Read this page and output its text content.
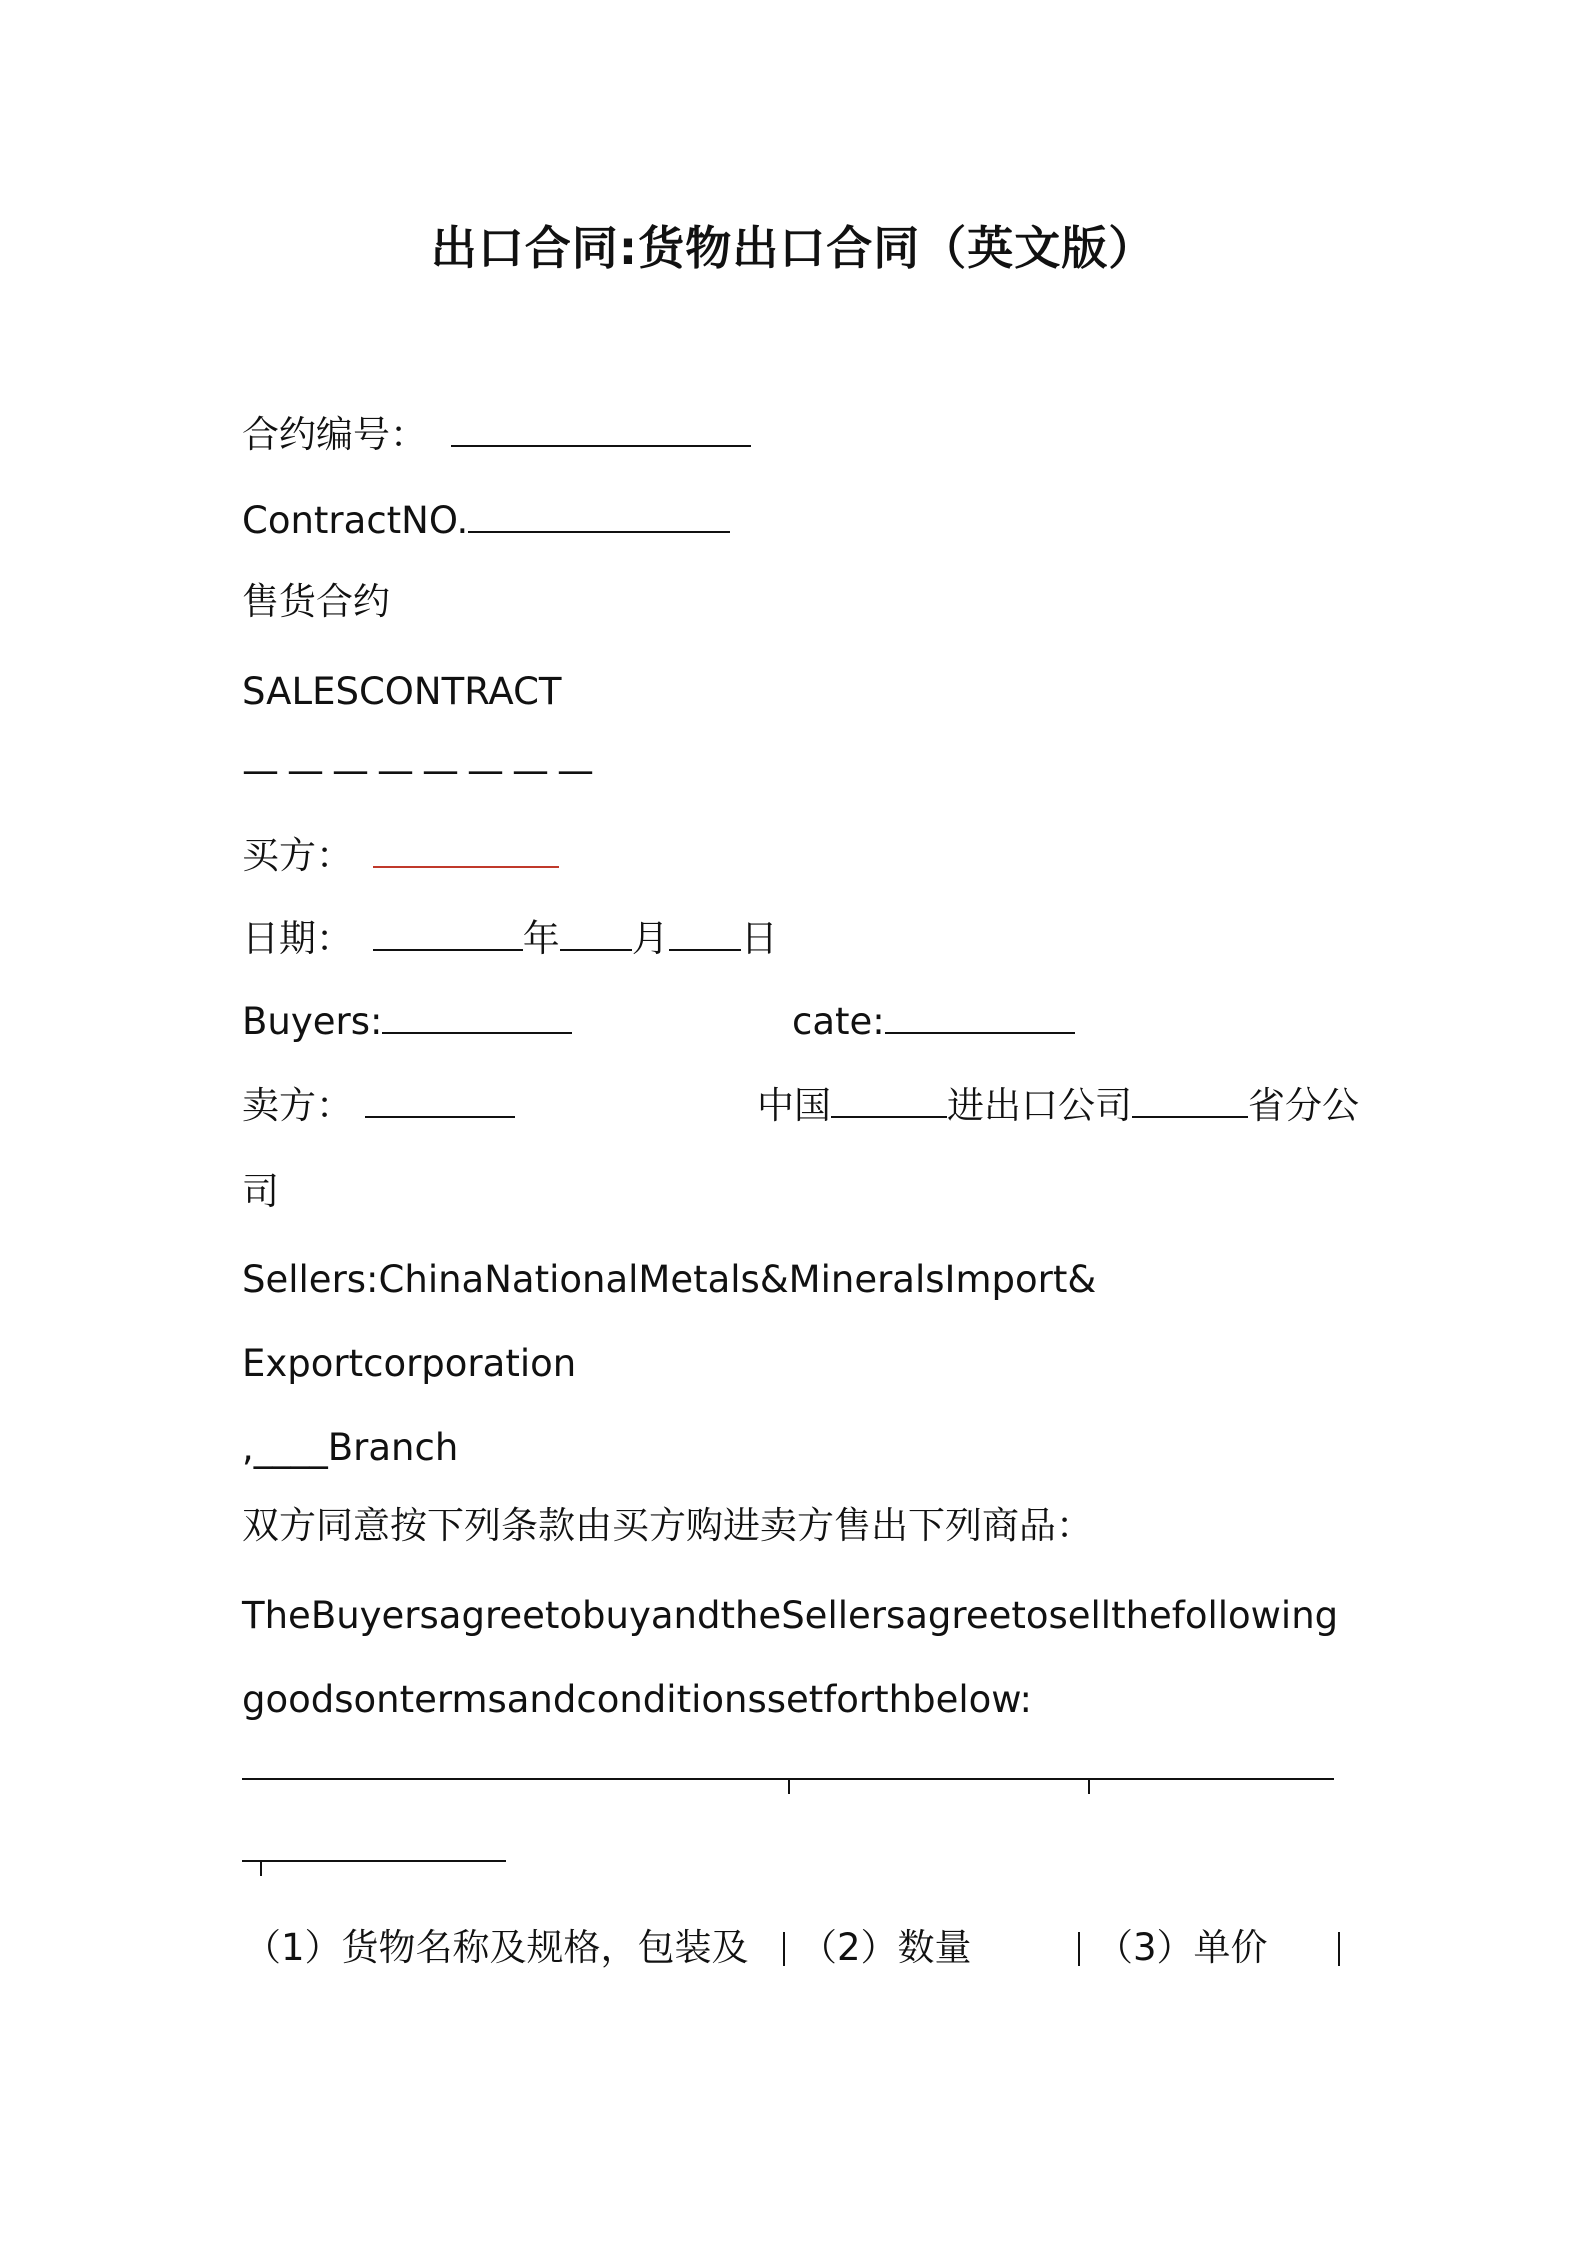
出口合同:货物出口合同（英文版）
合约编号：
ContractNO.
售货合约
SALESCONTRACT
————————
买方：
日期：	年 月 日
Buyers:	cate:
卖方：	中国	进出口公司	省分公
司
Sellers:ChinaNationalMetals&MineralsImport&
Exportcorporation
,____Branch
双方同意按下列条款由买方购进卖方售出下列商品：
TheBuyersagreetobuyandtheSellersagreetosellthefollowing
goodsontermsandconditionssetforthbelow:
（1）货物名称及规格，包装及 （2）数量	（3）单价
